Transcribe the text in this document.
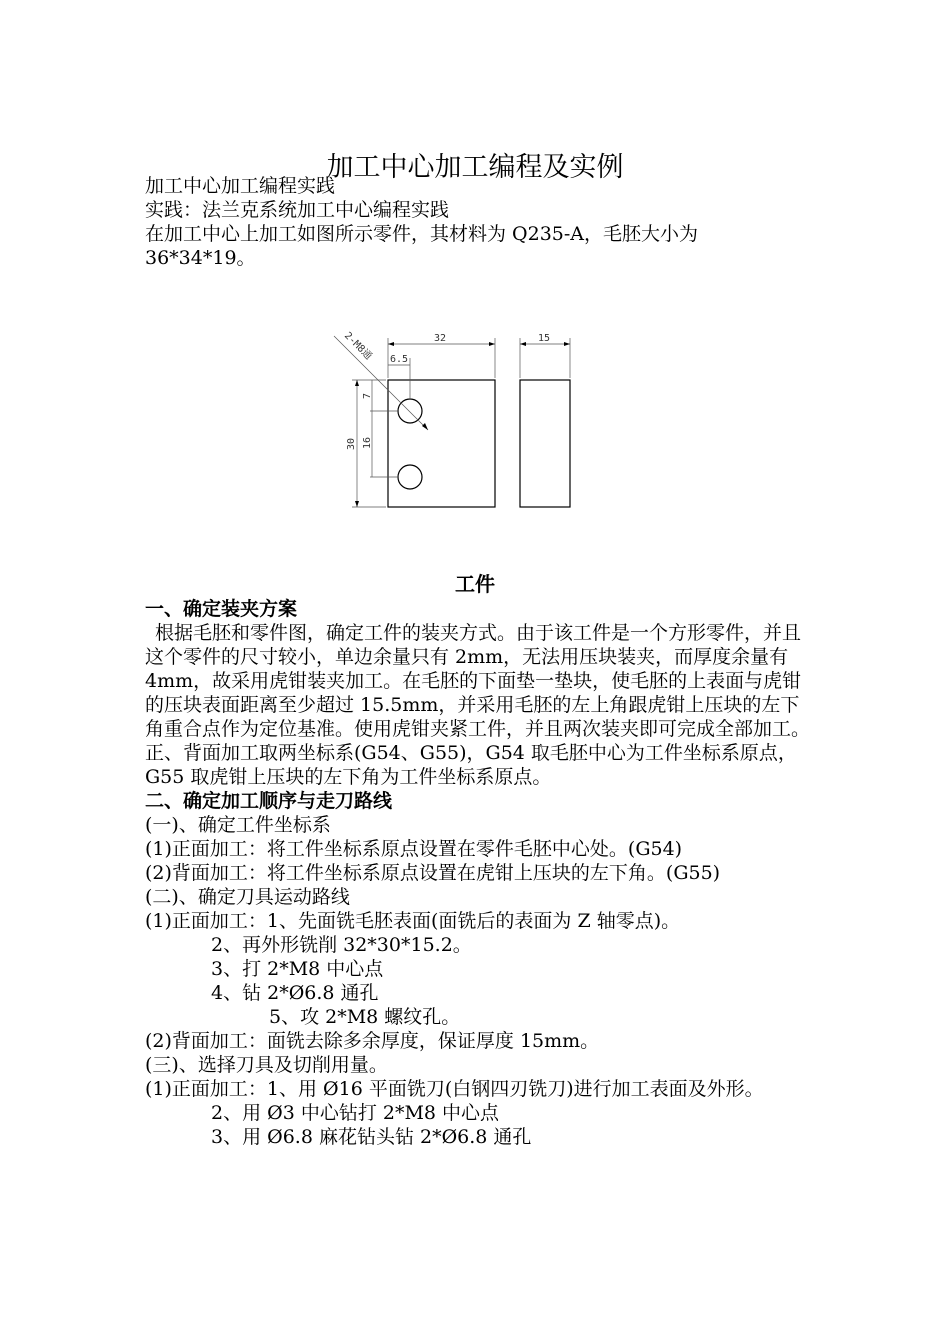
加工中心加工编程及实例

加工中心加工编程实践

实践：法兰克系统加工中心编程实践

在加工中心上加工如图所示零件，其材料为 Q235-A，毛胚大小为 36*34*19。

32	15
6.5
7
16
30
2-M8通
工件

一、确定装夹方案

根据毛胚和零件图，确定工件的装夹方式。由于该工件是一个方形零件，并且这个零件的尺寸较小，单边余量只有 2mm，无法用压块装夹，而厚度余量有 4mm，故采用虎钳装夹加工。在毛胚的下面垫一垫块，使毛胚的上表面与虎钳的压块表面距离至少超过 15.5mm，并采用毛胚的左上角跟虎钳上压块的左下角重合点作为定位基准。使用虎钳夹紧工件，并且两次装夹即可完成全部加工。正、背面加工取两坐标系(G54、G55)，G54 取毛胚中心为工件坐标系原点，G55 取虎钳上压块的左下角为工件坐标系原点。

二、确定加工顺序与走刀路线

(一)、确定工件坐标系

(1)正面加工：将工件坐标系原点设置在零件毛胚中心处。(G54)

(2)背面加工：将工件坐标系原点设置在虎钳上压块的左下角。(G55)

(二)、确定刀具运动路线

(1)正面加工：1、先面铣毛胚表面(面铣后的表面为 Z 轴零点)。

2、再外形铣削 32*30*15.2。

3、打 2*M8 中心点

4、钻 2*Ø6.8 通孔

5、攻 2*M8 螺纹孔。

(2)背面加工：面铣去除多余厚度，保证厚度 15mm。

(三)、选择刀具及切削用量。

(1)正面加工：1、用 Ø16 平面铣刀(白钢四刃铣刀)进行加工表面及外形。

2、用 Ø3 中心钻打 2*M8 中心点

3、用 Ø6.8 麻花钻头钻 2*Ø6.8 通孔
